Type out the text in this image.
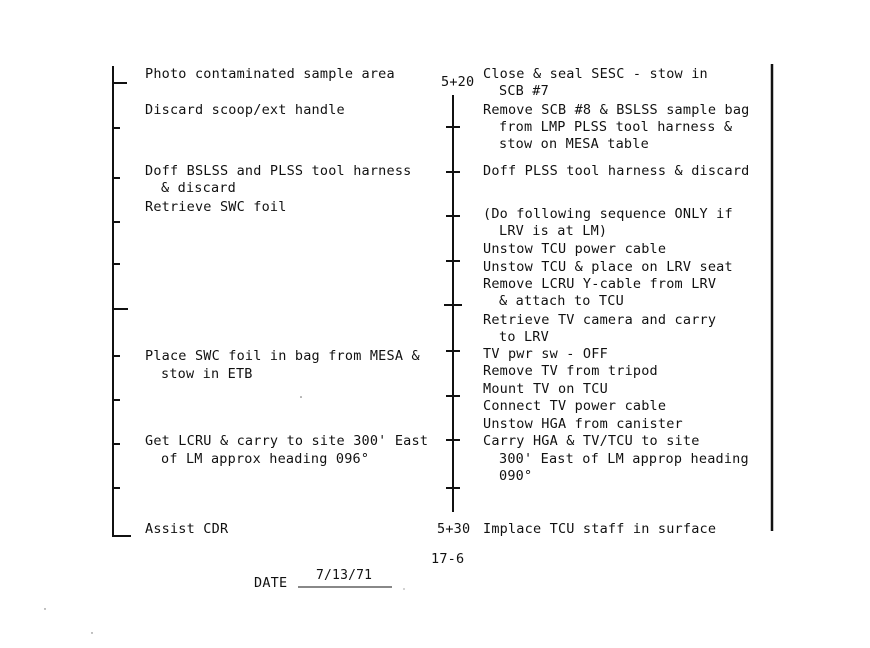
Photo contaminated sample area
Discard scoop/ext handle
Doff BSLSS and PLSS tool harness
& discard
Retrieve SWC foil
Place SWC foil in bag from MESA &
stow in ETB
Get LCRU & carry to site 300' East
of LM approx heading 096°
Assist CDR
5+20
5+30
Close & seal SESC - stow in
SCB #7
Remove SCB #8 & BSLSS sample bag
from LMP PLSS tool harness &
stow on MESA table
Doff PLSS tool harness & discard
(Do following sequence ONLY if
LRV is at LM)
Unstow TCU power cable
Unstow TCU & place on LRV seat
Remove LCRU Y-cable from LRV
& attach to TCU
Retrieve TV camera and carry
to LRV
TV pwr sw - OFF
Remove TV from tripod
Mount TV on TCU
Connect TV power cable
Unstow HGA from canister
Carry HGA & TV/TCU to site
300' East of LM approp heading
090°
Implace TCU staff in surface
17-6
DATE 7/13/71
